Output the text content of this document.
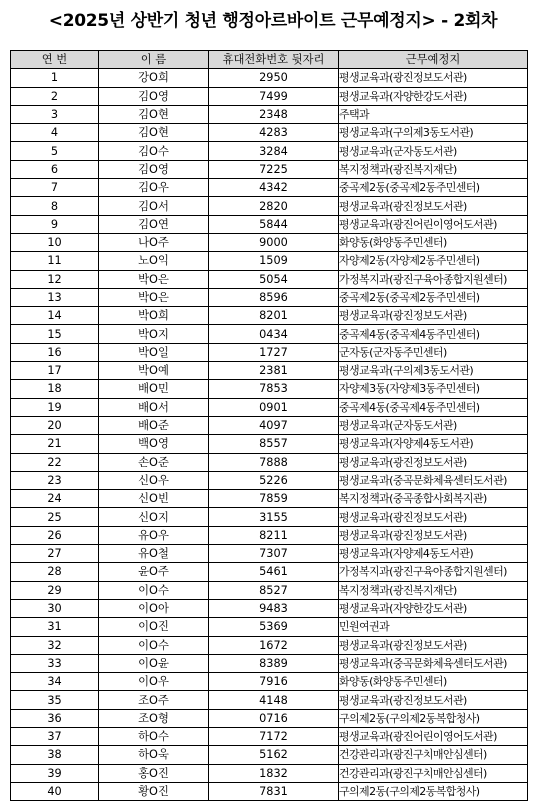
<2025년 상반기 청년 행정아르바이트 근무예정지> - 2회차
연 번	이 름	휴대전화번호 뒷자리	근무예정지
1	강O희	2950	평생교육과(광진정보도서관)
2	김O영	7499	평생교육과(자양한강도서관)
3	김O현	2348	주택과
4	김O현	4283	평생교육과(구의제3동도서관)
5	김O수	3284	평생교육과(군자동도서관)
6	김O영	7225	복지정책과(광진복지재단)
7	김O우	4342	중곡제2동(중곡제2동주민센터)
8	김O서	2820	평생교육과(광진정보도서관)
9	김O연	5844	평생교육과(광진어린이영어도서관)
10	나O주	9000	화양동(화양동주민센터)
11	노O익	1509	자양제2동(자양제2동주민센터)
12	박O은	5054	가정복지과(광진구육아종합지원센터)
13	박O은	8596	중곡제2동(중곡제2동주민센터)
14	박O희	8201	평생교육과(광진정보도서관)
15	박O지	0434	중곡제4동(중곡제4동주민센터)
16	박O일	1727	군자동(군자동주민센터)
17	박O예	2381	평생교육과(구의제3동도서관)
18	배O민	7853	자양제3동(자양제3동주민센터)
19	배O서	0901	중곡제4동(중곡제4동주민센터)
20	배O준	4097	평생교육과(군자동도서관)
21	백O영	8557	평생교육과(자양제4동도서관)
22	손O준	7888	평생교육과(광진정보도서관)
23	신O우	5226	평생교육과(중곡문화체육센터도서관)
24	신O빈	7859	복지정책과(중곡종합사회복지관)
25	신O지	3155	평생교육과(광진정보도서관)
26	유O우	8211	평생교육과(광진정보도서관)
27	유O철	7307	평생교육과(자양제4동도서관)
28	윤O주	5461	가정복지과(광진구육아종합지원센터)
29	이O수	8527	복지정책과(광진복지재단)
30	이O아	9483	평생교육과(자양한강도서관)
31	이O진	5369	민원여권과
32	이O수	1672	평생교육과(광진정보도서관)
33	이O윤	8389	평생교육과(중곡문화체육센터도서관)
34	이O우	7916	화양동(화양동주민센터)
35	조O주	4148	평생교육과(광진정보도서관)
36	조O형	0716	구의제2동(구의제2동복합청사)
37	하O수	7172	평생교육과(광진어린이영어도서관)
38	하O욱	5162	건강관리과(광진구치매안심센터)
39	홍O진	1832	건강관리과(광진구치매안심센터)
40	황O진	7831	구의제2동(구의제2동복합청사)
